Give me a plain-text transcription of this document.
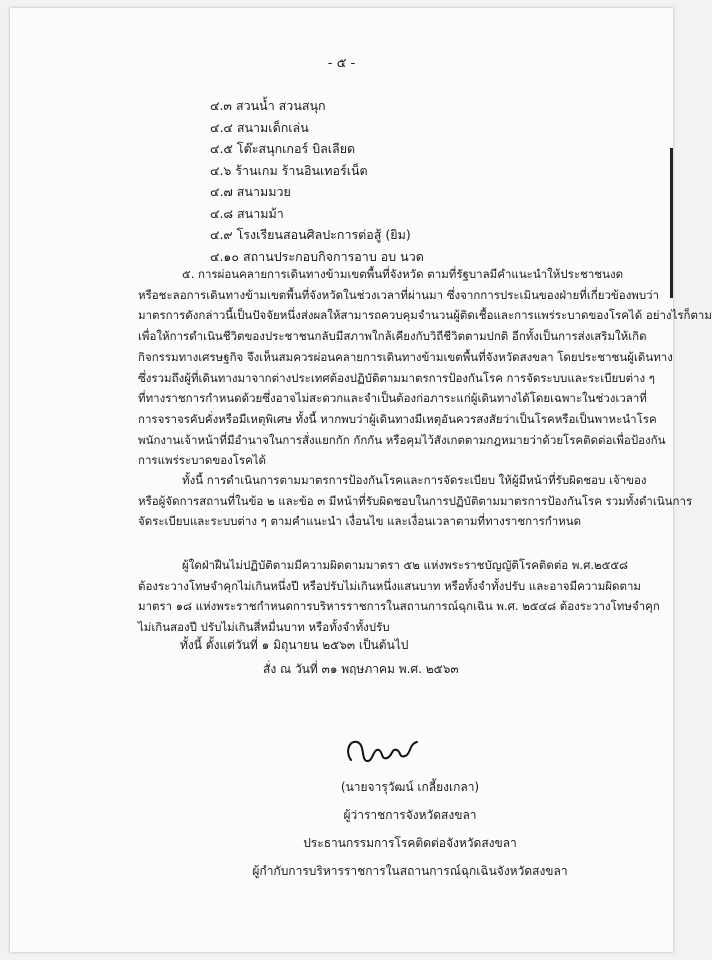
- ๕ -
๔.๓ สวนน้ำ สวนสนุก
๔.๔ สนามเด็กเล่น
๔.๕ โต๊ะสนุกเกอร์ บิลเลียด
๔.๖ ร้านเกม ร้านอินเทอร์เน็ต
๔.๗ สนามมวย
๔.๘ สนามม้า
๔.๙ โรงเรียนสอนศิลปะการต่อสู้ (ยิม)
๔.๑๐ สถานประกอบกิจการอาบ อบ นวด
๕. การผ่อนคลายการเดินทางข้ามเขตพื้นที่จังหวัด ตามที่รัฐบาลมีคำแนะนำให้ประชาชนงด
หรือชะลอการเดินทางข้ามเขตพื้นที่จังหวัดในช่วงเวลาที่ผ่านมา ซึ่งจากการประเมินของฝ่ายที่เกี่ยวข้องพบว่า
มาตรการดังกล่าวนี้เป็นปัจจัยหนึ่งส่งผลให้สามารถควบคุมจำนวนผู้ติดเชื้อและการแพร่ระบาดของโรคได้ อย่างไรก็ตาม
เพื่อให้การดำเนินชีวิตของประชาชนกลับมีสภาพใกล้เคียงกับวิถีชีวิตตามปกติ อีกทั้งเป็นการส่งเสริมให้เกิด
กิจกรรมทางเศรษฐกิจ จึงเห็นสมควรผ่อนคลายการเดินทางข้ามเขตพื้นที่จังหวัดสงขลา โดยประชาชนผู้เดินทาง
ซึ่งรวมถึงผู้ที่เดินทางมาจากต่างประเทศต้องปฏิบัติตามมาตรการป้องกันโรค การจัดระบบและระเบียบต่าง ๆ
ที่ทางราชการกำหนดด้วยซึ่งอาจไม่สะดวกและจำเป็นต้องก่อภาระแก่ผู้เดินทางได้โดยเฉพาะในช่วงเวลาที่
การจราจรคับคั่งหรือมีเหตุพิเศษ ทั้งนี้ หากพบว่าผู้เดินทางมีเหตุอันควรสงสัยว่าเป็นโรคหรือเป็นพาหะนำโรค
พนักงานเจ้าหน้าที่มีอำนาจในการสั่งแยกกัก กักกัน หรือคุมไว้สังเกตตามกฎหมายว่าด้วยโรคติดต่อเพื่อป้องกัน
การแพร่ระบาดของโรคได้
ทั้งนี้ การดำเนินการตามมาตรการป้องกันโรคและการจัดระเบียบ ให้ผู้มีหน้าที่รับผิดชอบ เจ้าของ
หรือผู้จัดการสถานที่ในข้อ ๒ และข้อ ๓ มีหน้าที่รับผิดชอบในการปฏิบัติตามมาตรการป้องกันโรค รวมทั้งดำเนินการ
จัดระเบียบและระบบต่าง ๆ ตามคำแนะนำ เงื่อนไข และเงื่อนเวลาตามที่ทางราชการกำหนด
ผู้ใดฝ่าฝืนไม่ปฏิบัติตามมีความผิดตามมาตรา ๕๒ แห่งพระราชบัญญัติโรคติดต่อ พ.ศ.๒๕๕๘
ต้องระวางโทษจำคุกไม่เกินหนึ่งปี หรือปรับไม่เกินหนึ่งแสนบาท หรือทั้งจำทั้งปรับ และอาจมีความผิดตาม
มาตรา ๑๘ แห่งพระราชกำหนดการบริหารราชการในสถานการณ์ฉุกเฉิน พ.ศ. ๒๕๔๘ ต้องระวางโทษจำคุก
ไม่เกินสองปี ปรับไม่เกินสี่หมื่นบาท หรือทั้งจำทั้งปรับ
ทั้งนี้ ตั้งแต่วันที่ ๑ มิถุนายน ๒๕๖๓ เป็นต้นไป
สั่ง ณ วันที่ ๓๑ พฤษภาคม พ.ศ. ๒๕๖๓
(นายจารุวัฒน์ เกลี้ยงเกลา)
ผู้ว่าราชการจังหวัดสงขลา
ประธานกรรมการโรคติดต่อจังหวัดสงขลา
ผู้กำกับการบริหารราชการในสถานการณ์ฉุกเฉินจังหวัดสงขลา
